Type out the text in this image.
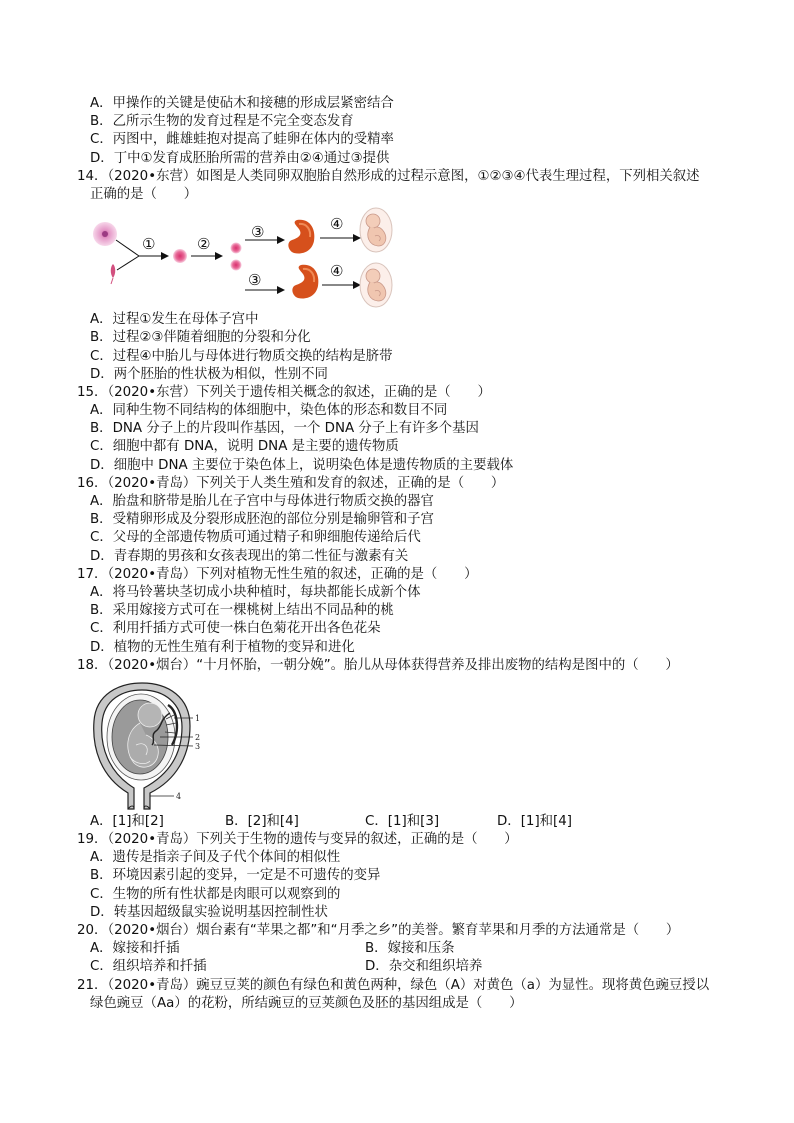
A．甲操作的关键是使砧木和接穗的形成层紧密结合
B．乙所示生物的发育过程是不完全变态发育
C．丙图中，雌雄蛙抱对提高了蛙卵在体内的受精率
D．丁中①发育成胚胎所需的营养由②④通过③提供
14．（2020•东营）如图是人类同卵双胞胎自然形成的过程示意图，①②③④代表生理过程，下列相关叙述
正确的是（　　）
①	②
③
③
④
④
A．过程①发生在母体子宫中
B．过程②③伴随着细胞的分裂和分化
C．过程④中胎儿与母体进行物质交换的结构是脐带
D．两个胚胎的性状极为相似，性别不同
15．（2020•东营）下列关于遗传相关概念的叙述，正确的是（　　）
A．同种生物不同结构的体细胞中，染色体的形态和数目不同
B．DNA 分子上的片段叫作基因，一个 DNA 分子上有许多个基因
C．细胞中都有 DNA，说明 DNA 是主要的遗传物质
D．细胞中 DNA 主要位于染色体上，说明染色体是遗传物质的主要载体
16．（2020•青岛）下列关于人类生殖和发育的叙述，正确的是（　　）
A．胎盘和脐带是胎儿在子宫中与母体进行物质交换的器官
B．受精卵形成及分裂形成胚泡的部位分别是输卵管和子宫
C．父母的全部遗传物质可通过精子和卵细胞传递给后代
D．青春期的男孩和女孩表现出的第二性征与激素有关
17．（2020•青岛）下列对植物无性生殖的叙述，正确的是（　　）
A．将马铃薯块茎切成小块种植时，每块都能长成新个体
B．采用嫁接方式可在一棵桃树上结出不同品种的桃
C．利用扦插方式可使一株白色菊花开出各色花朵
D．植物的无性生殖有利于植物的变异和进化
18．（2020•烟台）“十月怀胎，一朝分娩”。胎儿从母体获得营养及排出废物的结构是图中的（　　）
1
2
3
4
A．[1]和[2]	B．[2]和[4]	C．[1]和[3]	D．[1]和[4]
19．（2020•青岛）下列关于生物的遗传与变异的叙述，正确的是（　　）
A．遗传是指亲子间及子代个体间的相似性
B．环境因素引起的变异，一定是不可遗传的变异
C．生物的所有性状都是肉眼可以观察到的
D．转基因超级鼠实验说明基因控制性状
20．（2020•烟台）烟台素有“苹果之都”和“月季之乡”的美誉。繁育苹果和月季的方法通常是（　　）
A．嫁接和扦插	B．嫁接和压条
C．组织培养和扦插	D．杂交和组织培养
21．（2020•青岛）豌豆豆荚的颜色有绿色和黄色两种，绿色（A）对黄色（a）为显性。现将黄色豌豆授以
绿色豌豆（Aa）的花粉，所结豌豆的豆荚颜色及胚的基因组成是（　　）
